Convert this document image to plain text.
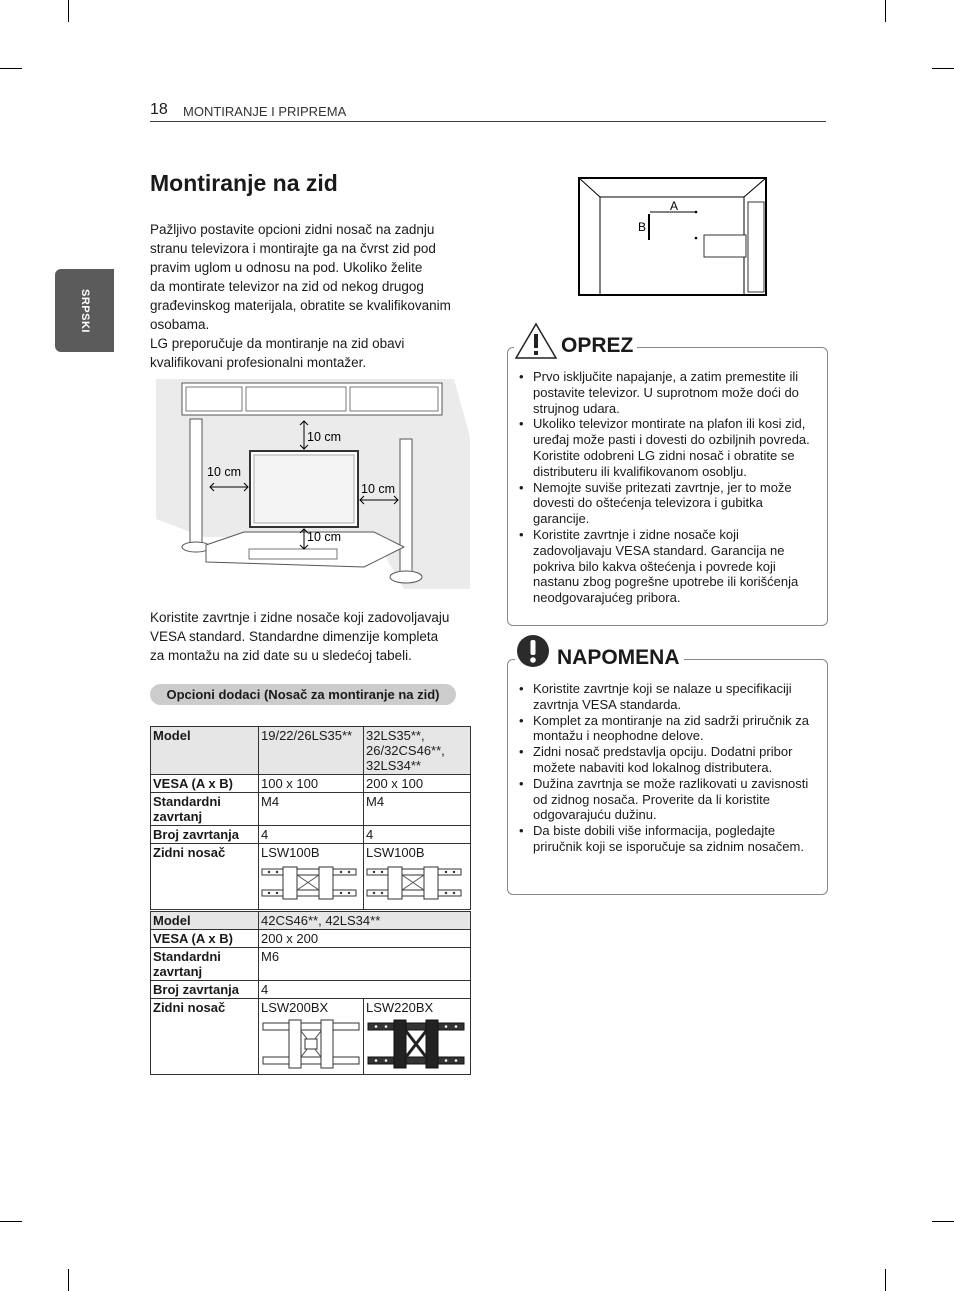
18 MONTIRANJE I PRIPREMA
SRPSKI
Montiranje na zid
Pažljivo postavite opcioni zidni nosač na zadnju
stranu televizora i montirajte ga na čvrst zid pod
pravim uglom u odnosu na pod. Ukoliko želite
da montirate televizor na zid od nekog drugog
građevinskog materijala, obratite se kvalifikovanim
osobama.
LG preporučuje da montiranje na zid obavi
kvalifikovani profesionalni montažer.
10 cm
10 cm
10 cm
10 cm
Koristite zavrtnje i zidne nosače koji zadovoljavaju
VESA standard. Standardne dimenzije kompleta
za montažu na zid date su u sledećoj tabeli.
Opcioni dodaci (Nosač za montiranje na zid)
Model	19/22/26LS35**	32LS35**,
26/32CS46**,
32LS34**
VESA (A x B)	100 x 100	200 x 100
Standardni zavrtanj	M4	M4
Broj zavrtanja	4	4
Zidni nosač	LSW100B	LSW100B
Model	42CS46**, 42LS34**	
VESA (A x B)	200 x 200	
Standardni zavrtanj	M6	
Broj zavrtanja	4	
Zidni nosač	LSW200BX	LSW220BX
A
B
• Prvo isključite napajanje, a zatim premestite ili postavite televizor. U suprotnom može doći do strujnog udara.
• Ukoliko televizor montirate na plafon ili kosi zid, uređaj može pasti i dovesti do ozbiljnih povreda.
Koristite odobreni LG zidni nosač i obratite se distributeru ili kvalifikovanom osoblju.
• Nemojte suviše pritezati zavrtnje, jer to može dovesti do oštećenja televizora i gubitka garancije.
• Koristite zavrtnje i zidne nosače koji zadovoljavaju VESA standard. Garancija ne pokriva bilo kakva oštećenja i povrede koji nastanu zbog pogrešne upotrebe ili korišćenja neodgovarajućeg pribora.
OPREZ
• Koristite zavrtnje koji se nalaze u specifikaciji zavrtnja VESA standarda.
• Komplet za montiranje na zid sadrži priručnik za montažu i neophodne delove.
• Zidni nosač predstavlja opciju. Dodatni pribor možete nabaviti kod lokalnog distributera.
• Dužina zavrtnja se može razlikovati u zavisnosti od zidnog nosača. Proverite da li koristite odgovarajuću dužinu.
• Da biste dobili više informacija, pogledajte priručnik koji se isporučuje sa zidnim nosačem.
NAPOMENA
